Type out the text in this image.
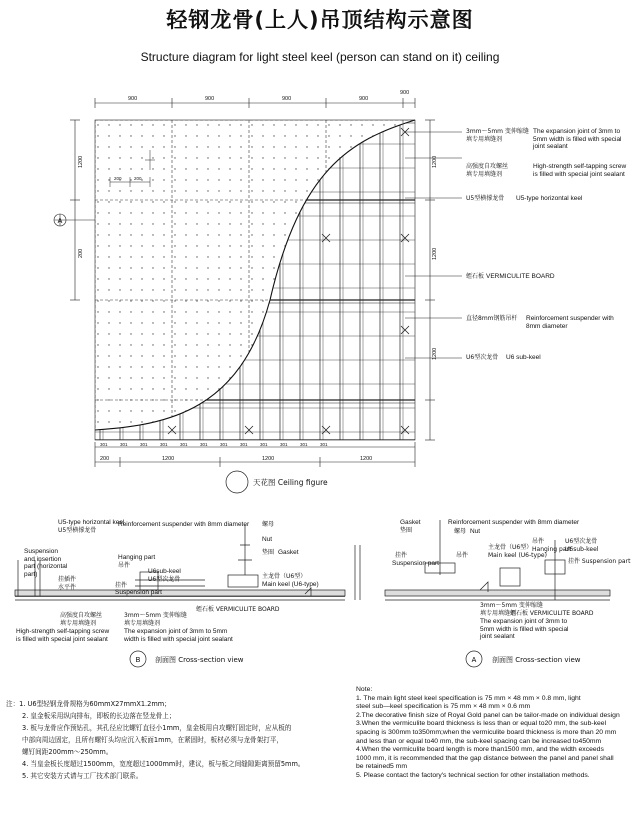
轻钢龙骨(上人)吊顶结构示意图
Structure diagram for light steel keel (person can stand on it) ceiling
A
B	A
900	900	900	900
900
200	1200	1200	1200
301	301	301	301	301	301	301	301	301	301	301	301
1200
1200
1200
1200
200
200	200
3mm～5mm 变伸缩缝
填专用填缝剂
The expansion joint of 3mm to
5mm width is filled with special
joint sealant
高强度自攻螺丝
填专用填缝剂
High-strength self-tapping screw
is filled with special joint sealant
U5型横撑龙骨 U5-type horizontal keel
蛭石板 VERMICULITE BOARD
直径8mm钢筋吊杆 Reinforcement suspender with
8mm diameter
U6型次龙骨 U6 sub-keel
天花图 Ceiling figure
U5-type horizontal keel
U5型横撑龙骨
Reinforcement suspender with 8mm diameter 螺母
Nut
垫圈 Gasket
Suspension
and insertion
part (horizontal
part)
挂插件
水平件
Hanging part
吊件
U6sub-keel
U6型次龙骨
挂件
Suspension part
主龙骨（U6型）
Main keel (U6-type)
高强度自攻螺丝
填专用填缝剂
High-strength self-tapping screw
is filled with special joint sealant
3mm～5mm 变伸缩缝
填专用填缝剂
The expansion joint of 3mm to 5mm
width is filled with special joint sealant
蛭石板 VERMICULITE BOARD
剖面图 Cross-section view
Gasket
垫圈
Reinforcement suspender with 8mm diameter
螺母 Nut
挂件
Suspension part
吊件
主龙骨（U6型）
Main keel (U6-type)
吊件
Hanging part
U6型次龙骨
U6sub-keel
挂件 Suspension part
蛭石板 VERMICULITE BOARD
3mm～5mm 变伸缩缝
填专用填缝剂
The expansion joint of 3mm to
5mm width is filled with special
joint sealant
剖面图 Cross-section view
注：1. U6型轻钢龙骨规格为60mmX27mmX1.2mm；
2. 皇金板采用纵向排布，即板的长边落在竖龙骨上；
3. 板与龙骨应作预钻孔，其孔径应比螺钉直径小1mm，皇金板用自攻螺钉固定时，应从板的
中部向周边固定，且所有螺钉头均应沉入板面1mm，在紧固时，板材必须与龙骨架打平，
螺钉间距200mm～250mm。
4. 当皇金板长度超过1500mm，宽度超过1000mm时，建议，板与板之间缝隙距离预留5mm。
5. 其它安装方式请与工厂技术部门联系。
Note:
1. The main light steel keel specification is 75 mm × 48 mm × 0.8 mm, light
steel sub—keel specification is 75 mm × 48 mm × 0.6 mm
2.The decorative finish size of Royal Gold panel can be tailor-made on individual design
3.When the vermiculite board thickness is less than or equal to20 mm, the sub-keel
spacing is 300mm to350mm;when the vermiculite board thickness is more than 20 mm
and less than or equal to40 mm, the sub-keel spacing can be increased to450mm
4.When the vermiculite board length is more than1500 mm, and the width exceeds
1000 mm, it is recommended that the gap distance between the panel and panel shall
be retained5 mm
5. Please contact the factory's technical section for other installation methods.
